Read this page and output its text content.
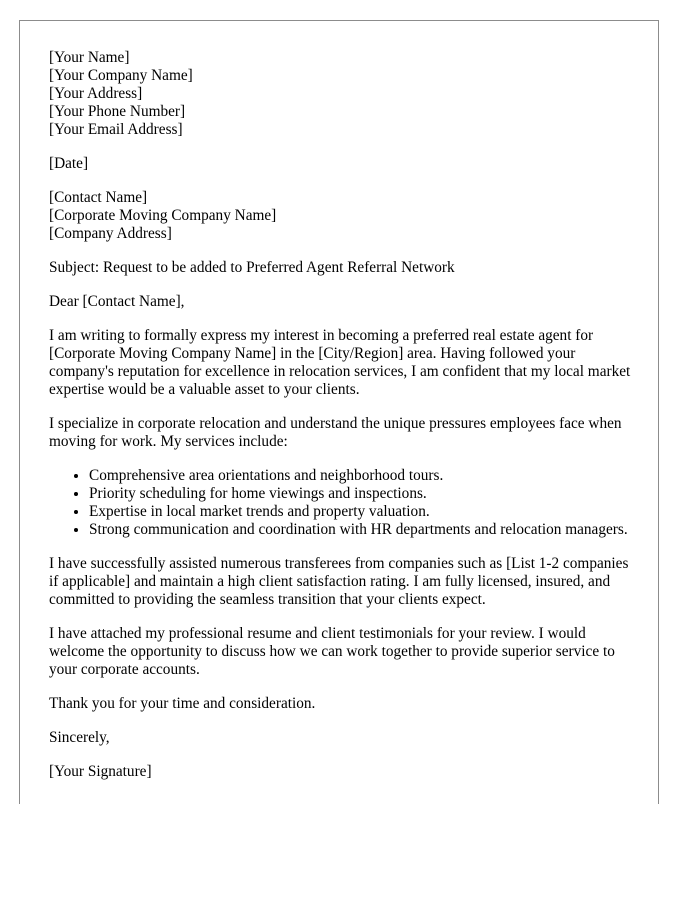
[Your Name]
[Your Company Name]
[Your Address]
[Your Phone Number]
[Your Email Address]
[Date]
[Contact Name]
[Corporate Moving Company Name]
[Company Address]

Subject: Request to be added to Preferred Agent Referral Network

Dear [Contact Name],

I am writing to formally express my interest in becoming a preferred real estate agent for [Corporate Moving Company Name] in the [City/Region] area. Having followed your company's reputation for excellence in relocation services, I am confident that my local market expertise would be a valuable asset to your clients.

I specialize in corporate relocation and understand the unique pressures employees face when moving for work. My services include:

• Comprehensive area orientations and neighborhood tours.
• Priority scheduling for home viewings and inspections.
• Expertise in local market trends and property valuation.
• Strong communication and coordination with HR departments and relocation managers.

I have successfully assisted numerous transferees from companies such as [List 1-2 companies if applicable] and maintain a high client satisfaction rating. I am fully licensed, insured, and committed to providing the seamless transition that your clients expect.

I have attached my professional resume and client testimonials for your review. I would welcome the opportunity to discuss how we can work together to provide superior service to your corporate accounts.

Thank you for your time and consideration.

Sincerely,

[Your Signature]
